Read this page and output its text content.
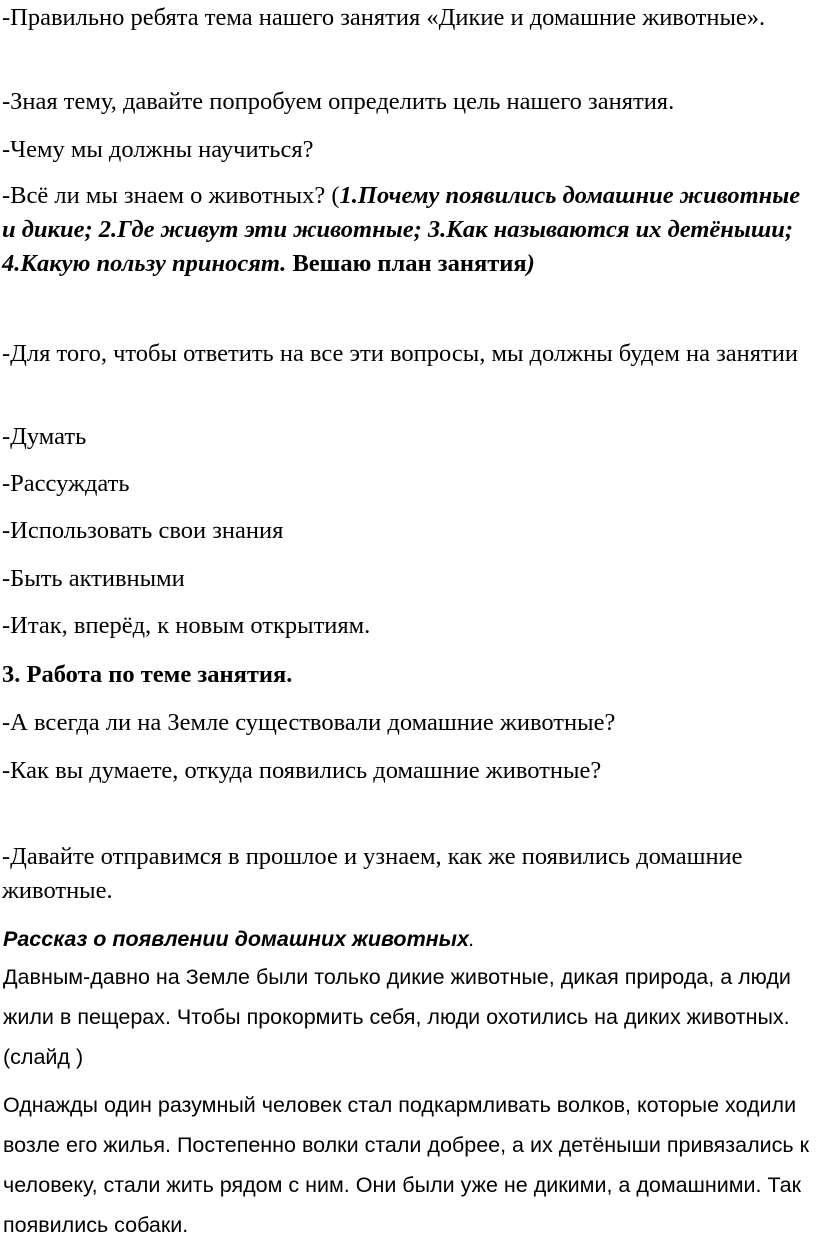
-Правильно ребята тема нашего занятия «Дикие и домашние животные».

-Зная тему, давайте попробуем определить цель нашего занятия.

-Чему мы должны научиться?

-Всё ли мы знаем о животных? (1.Почему появились домашние животные и дикие; 2.Где живут эти животные; 3.Как называются их детёныши; 4.Какую пользу приносят. Вешаю план занятия)

-Для того, чтобы ответить на все эти вопросы, мы должны будем на занятии

-Думать

-Рассуждать

-Использовать свои знания

-Быть активными

-Итак, вперёд, к новым открытиям.

3. Работа по теме занятия.

-А всегда ли на Земле существовали домашние животные?

-Как вы думаете, откуда появились домашние животные?

-Давайте отправимся в прошлое и узнаем, как же появились домашние животные.

Рассказ о появлении домашних животных.

Давным-давно на Земле были только дикие животные, дикая природа, а люди жили в пещерах. Чтобы прокормить себя, люди охотились на диких животных. (слайд )

Однажды один разумный человек стал подкармливать волков, которые ходили возле его жилья. Постепенно волки стали добрее, а их детёныши привязались к человеку, стали жить рядом с ним. Они были уже не дикими, а домашними. Так появились собаки.
